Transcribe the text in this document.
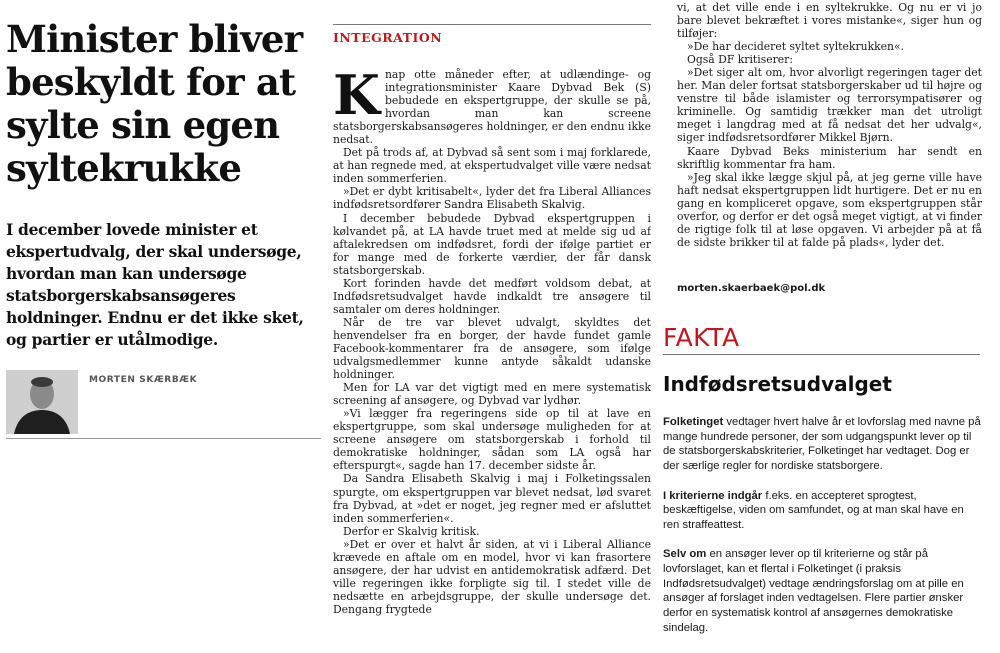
Minister bliver beskyldt for at sylte sin egen syltekrukke

I december lovede minister et ekspertudvalg, der skal undersøge, hvordan man kan undersøge statsborgerskabsansøgeres holdninger. Endnu er det ikke sket, og partier er utålmodige.

MORTEN SKÆRBÆK
INTEGRATION

Knap otte måneder efter, at udlændinge- og integrationsminister Kaare Dybvad Bek (S) bebudede en ekspertgruppe, der skulle se på, hvordan man kan screene statsborgerskabsansøgeres holdninger, er den endnu ikke nedsat.

Det på trods af, at Dybvad så sent som i maj forklarede, at han regnede med, at ekspertudvalget ville være nedsat inden sommerferien.

»Det er dybt kritisabelt«, lyder det fra Liberal Alliances indfødsretsordfører Sandra Elisabeth Skalvig.

I december bebudede Dybvad ekspertgruppen i kølvandet på, at LA havde truet med at melde sig ud af aftalekredsen om indfødsret, fordi der ifølge partiet er for mange med de forkerte værdier, der får dansk statsborgerskab.

Kort forinden havde det medført voldsom debat, at Indfødsretsudvalget havde indkaldt tre ansøgere til samtaler om deres holdninger.

Når de tre var blevet udvalgt, skyldtes det henvendelser fra en borger, der havde fundet gamle Facebook-kommentarer fra de ansøgere, som ifølge udvalgsmedlemmer kunne antyde såkaldt udanske holdninger.

Men for LA var det vigtigt med en mere systematisk screening af ansøgere, og Dybvad var lydhør.

»Vi lægger fra regeringens side op til at lave en ekspertgruppe, som skal undersøge muligheden for at screene ansøgere om statsborgerskab i forhold til demokratiske holdninger, sådan som LA også har efterspurgt«, sagde han 17. december sidste år.

Da Sandra Elisabeth Skalvig i maj i Folketingssalen spurgte, om ekspertgruppen var blevet nedsat, lød svaret fra Dybvad, at »det er noget, jeg regner med er afsluttet inden sommerferien«.

Derfor er Skalvig kritisk.

»Det er over et halvt år siden, at vi i Liberal Alliance krævede en aftale om en model, hvor vi kan frasortere ansøgere, der har udvist en antidemokratisk adfærd. Det ville regeringen ikke forpligte sig til. I stedet ville de nedsætte en arbejdsgruppe, der skulle undersøge det. Dengang frygtede

vi, at det ville ende i en syltekrukke. Og nu er vi jo bare blevet bekræftet i vores mistanke«, siger hun og tilføjer:

»De har decideret syltet syltekrukken«.

Også DF kritiserer:

»Det siger alt om, hvor alvorligt regeringen tager det her. Man deler fortsat statsborgerskaber ud til højre og venstre til både islamister og terrorsympatisører og kriminelle. Og samtidig trækker man det utroligt meget i langdrag med at få nedsat det her udvalg«, siger indfødsretsordfører Mikkel Bjørn.

Kaare Dybvad Beks ministerium har sendt en skriftlig kommentar fra ham.

»Jeg skal ikke lægge skjul på, at jeg gerne ville have haft nedsat ekspertgruppen lidt hurtigere. Det er nu en gang en kompliceret opgave, som ekspertgruppen står overfor, og derfor er det også meget vigtigt, at vi finder de rigtige folk til at løse opgaven. Vi arbejder på at få de sidste brikker til at falde på plads«, lyder det.

morten.skaerbaek@pol.dk
FAKTA
Indfødsretsudvalget

Folketinget vedtager hvert halve år et lovforslag med navne på mange hundrede personer, der som udgangspunkt lever op til de statsborgerskabskriterier, Folketinget har vedtaget. Dog er der særlige regler for nordiske statsborgere.

I kriterierne indgår f.eks. en accepteret sprogtest, beskæftigelse, viden om samfundet, og at man skal have en ren straffeattest.

Selv om en ansøger lever op til kriterierne og står på lovforslaget, kan et flertal i Folketinget (i praksis Indfødsretsudvalget) vedtage ændringsforslag om at pille en ansøger af forslaget inden vedtagelsen. Flere partier ønsker derfor en systematisk kontrol af ansøgernes demokratiske sindelag.
